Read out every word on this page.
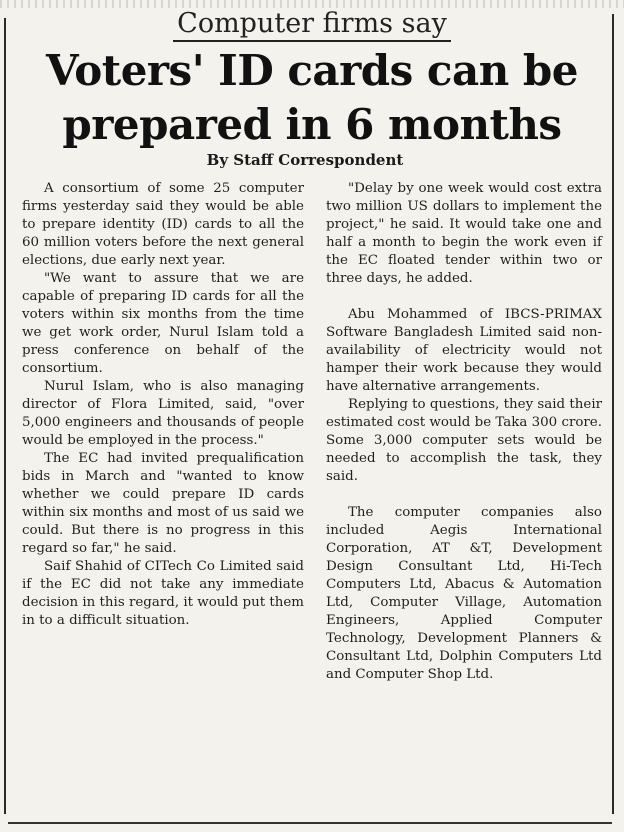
Computer firms say
Voters' ID cards can be
prepared in 6 months
By Staff Correspondent

A consortium of some 25 computer firms yesterday said they would be able to prepare identity (ID) cards to all the 60 million voters before the next general elections, due early next year.

"We want to assure that we are capable of preparing ID cards for all the voters within six months from the time we get work order, Nurul Islam told a press conference on behalf of the consortium.

Nurul Islam, who is also managing director of Flora Limited, said, "over 5,000 engineers and thousands of people would be employed in the process."

The EC had invited prequalification bids in March and "wanted to know whether we could prepare ID cards within six months and most of us said we could. But there is no progress in this regard so far," he said.

Saif Shahid of CITech Co Limited said if the EC did not take any immediate decision in this regard, it would put them in to a difficult situation.

"Delay by one week would cost extra two million US dollars to implement the project," he said. It would take one and half a month to begin the work even if the EC floated tender within two or three days, he added.

Abu Mohammed of IBCS-PRIMAX Software Bangladesh Limited said non-availability of electricity would not hamper their work because they would have alternative arrangements.

Replying to questions, they said their estimated cost would be Taka 300 crore. Some 3,000 computer sets would be needed to accomplish the task, they said.

The computer companies also included Aegis International Corporation, AT &T, Development Design Consultant Ltd, Hi-Tech Computers Ltd, Abacus & Automation Ltd, Computer Village, Automation Engineers, Applied Computer Technology, Development Planners & Consultant Ltd, Dolphin Computers Ltd and Computer Shop Ltd.
